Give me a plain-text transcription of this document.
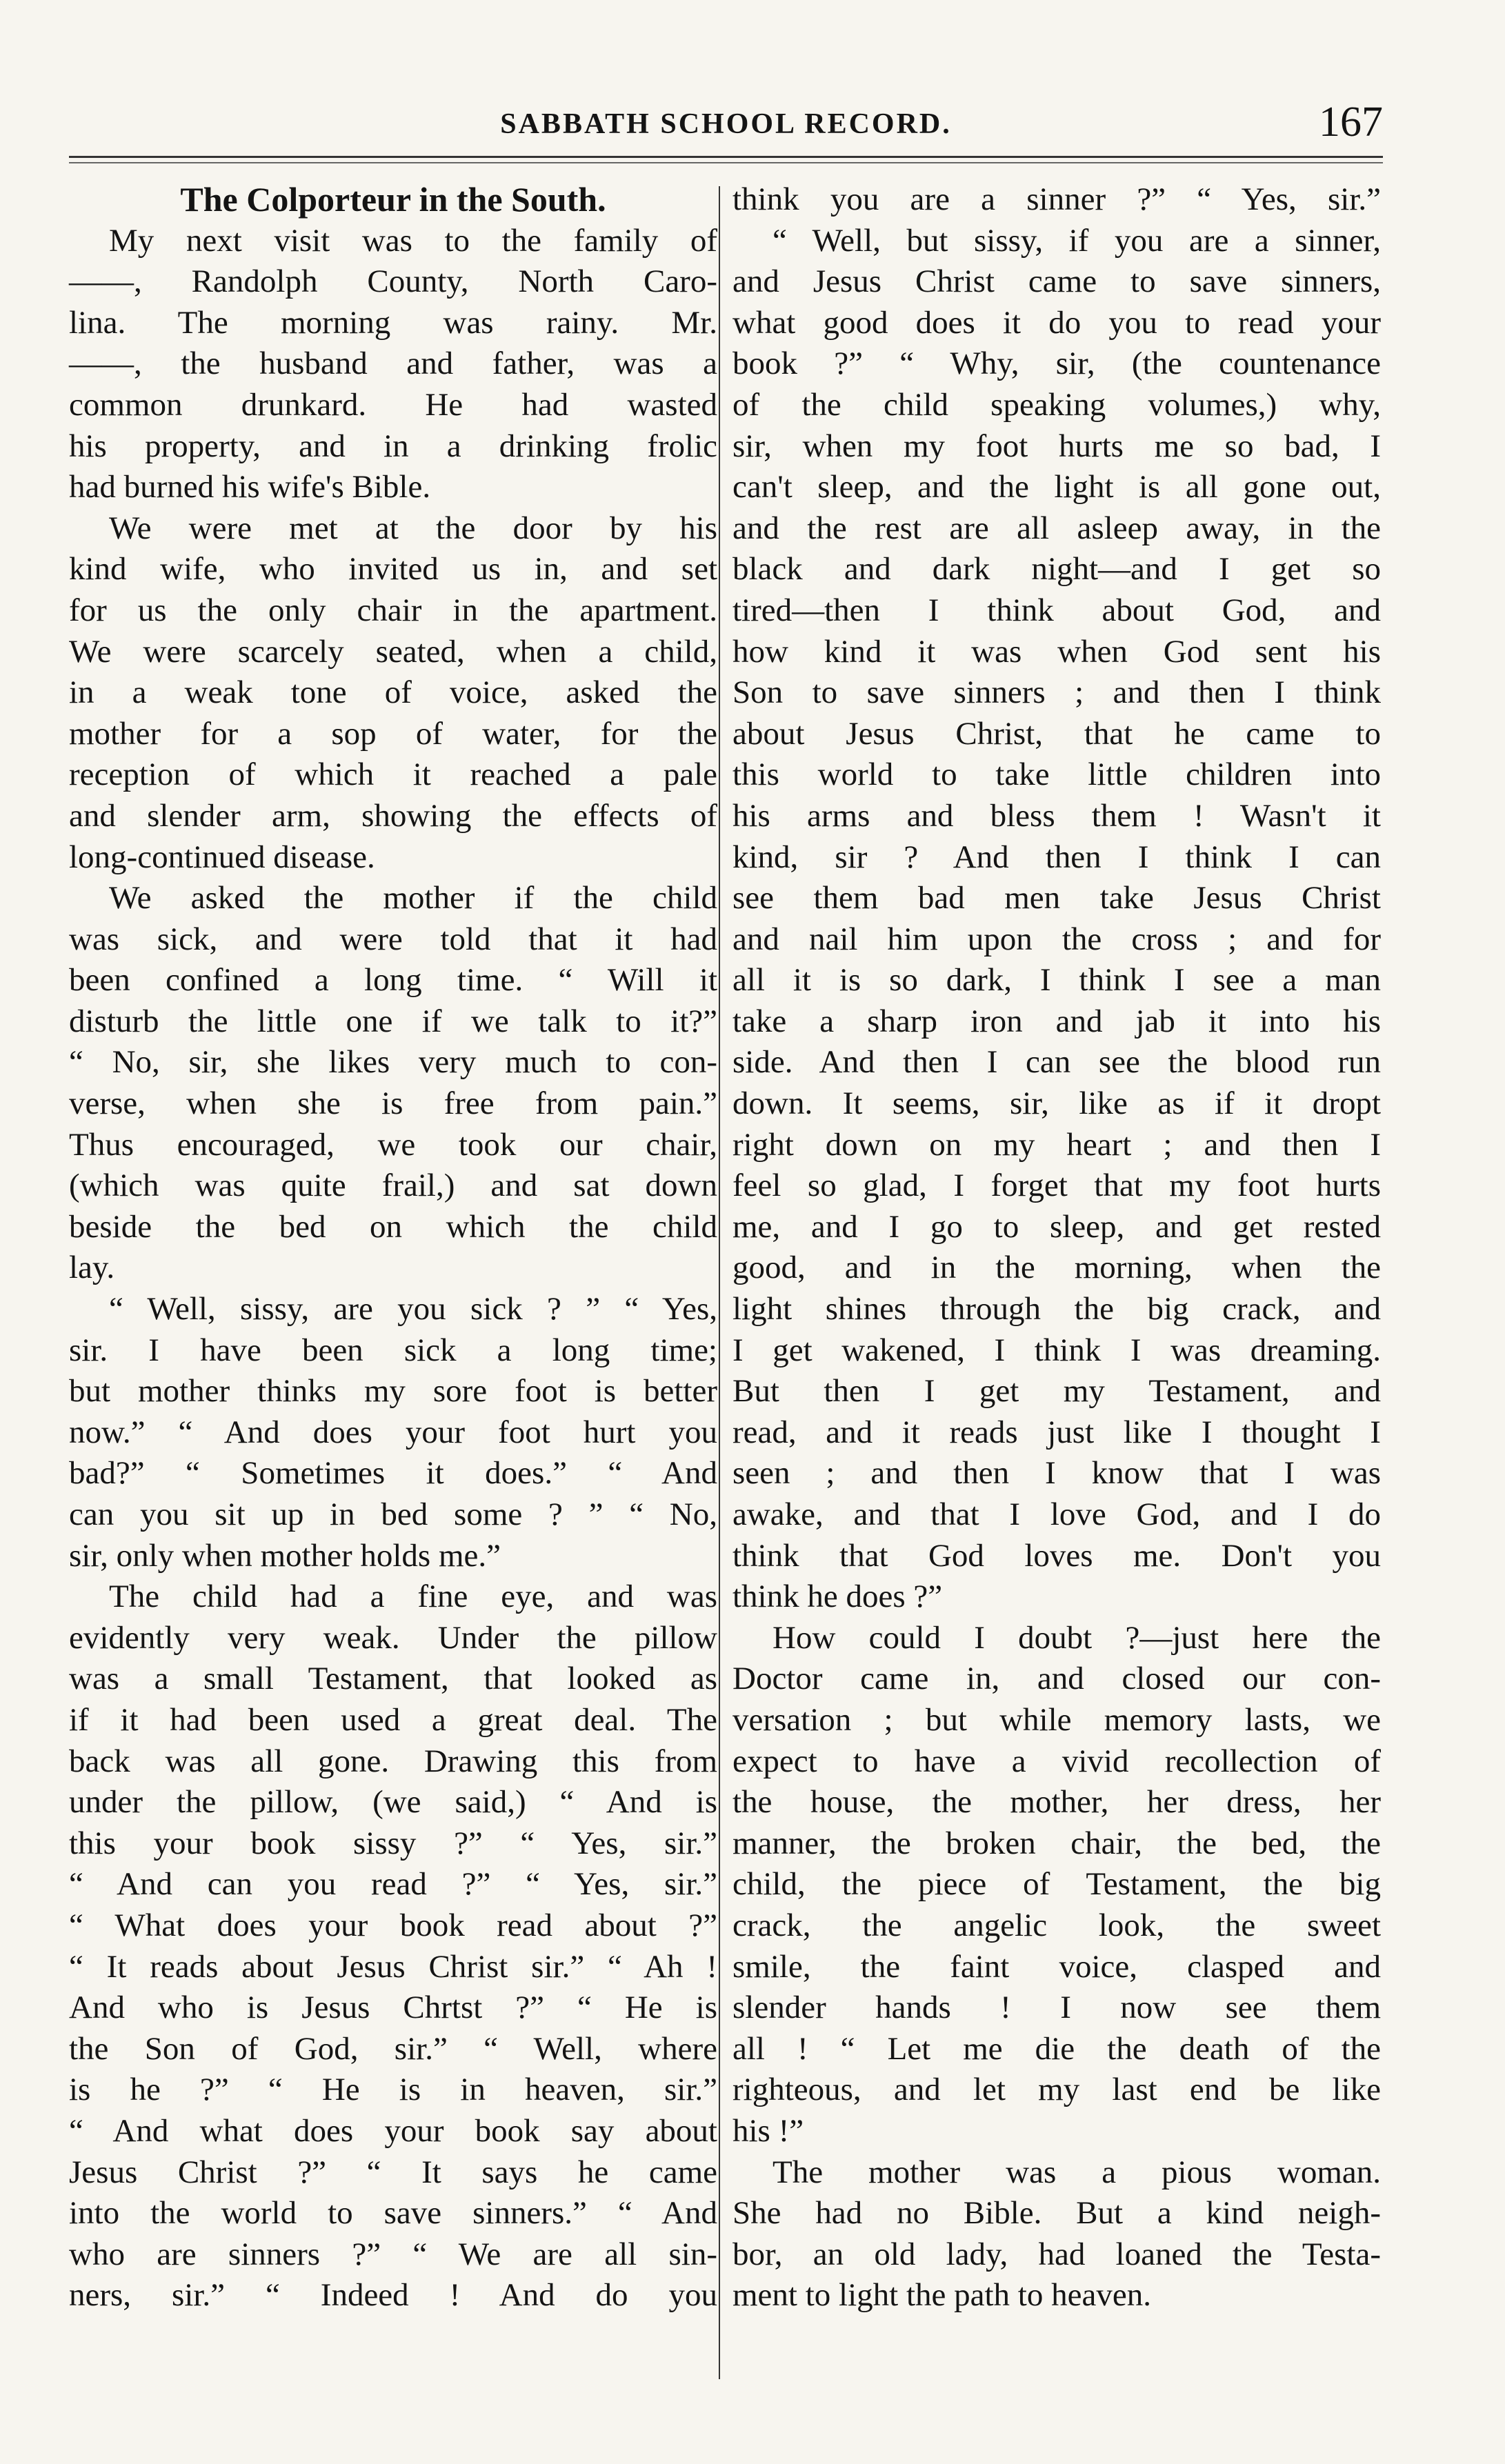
SABBATH SCHOOL RECORD.	167
The Colporteur in the South.
My next visit was to the family of
——, Randolph County, North Caro-
lina. The morning was rainy. Mr.
——, the husband and father, was a
common drunkard. He had wasted
his property, and in a drinking frolic
had burned his wife's Bible.
We were met at the door by his
kind wife, who invited us in, and set
for us the only chair in the apartment.
We were scarcely seated, when a child,
in a weak tone of voice, asked the
mother for a sop of water, for the
reception of which it reached a pale
and slender arm, showing the effects of
long-continued disease.
We asked the mother if the child
was sick, and were told that it had
been confined a long time. “ Will it
disturb the little one if we talk to it?”
“ No, sir, she likes very much to con-
verse, when she is free from pain.”
Thus encouraged, we took our chair,
(which was quite frail,) and sat down
beside the bed on which the child
lay.
“ Well, sissy, are you sick ? ” “ Yes,
sir. I have been sick a long time;
but mother thinks my sore foot is better
now.” “ And does your foot hurt you
bad?” “ Sometimes it does.” “ And
can you sit up in bed some ? ” “ No,
sir, only when mother holds me.”
The child had a fine eye, and was
evidently very weak. Under the pillow
was a small Testament, that looked as
if it had been used a great deal. The
back was all gone. Drawing this from
under the pillow, (we said,) “ And is
this your book sissy ?” “ Yes, sir.”
“ And can you read ?” “ Yes, sir.”
“ What does your book read about ?”
“ It reads about Jesus Christ sir.” “ Ah !
And who is Jesus Chrtst ?” “ He is
the Son of God, sir.” “ Well, where
is he ?” “ He is in heaven, sir.”
“ And what does your book say about
Jesus Christ ?” “ It says he came
into the world to save sinners.” “ And
who are sinners ?” “ We are all sin-
ners, sir.” “ Indeed ! And do you
think you are a sinner ?” “ Yes, sir.”
“ Well, but sissy, if you are a sinner,
and Jesus Christ came to save sinners,
what good does it do you to read your
book ?” “ Why, sir, (the countenance
of the child speaking volumes,) why,
sir, when my foot hurts me so bad, I
can't sleep, and the light is all gone out,
and the rest are all asleep away, in the
black and dark night—and I get so
tired—then I think about God, and
how kind it was when God sent his
Son to save sinners ; and then I think
about Jesus Christ, that he came to
this world to take little children into
his arms and bless them ! Wasn't it
kind, sir ? And then I think I can
see them bad men take Jesus Christ
and nail him upon the cross ; and for
all it is so dark, I think I see a man
take a sharp iron and jab it into his
side. And then I can see the blood run
down. It seems, sir, like as if it dropt
right down on my heart ; and then I
feel so glad, I forget that my foot hurts
me, and I go to sleep, and get rested
good, and in the morning, when the
light shines through the big crack, and
I get wakened, I think I was dreaming.
But then I get my Testament, and
read, and it reads just like I thought I
seen ; and then I know that I was
awake, and that I love God, and I do
think that God loves me. Don't you
think he does ?”
How could I doubt ?—just here the
Doctor came in, and closed our con-
versation ; but while memory lasts, we
expect to have a vivid recollection of
the house, the mother, her dress, her
manner, the broken chair, the bed, the
child, the piece of Testament, the big
crack, the angelic look, the sweet
smile, the faint voice, clasped and
slender hands ! I now see them
all ! “ Let me die the death of the
righteous, and let my last end be like
his !”
The mother was a pious woman.
She had no Bible. But a kind neigh-
bor, an old lady, had loaned the Testa-
ment to light the path to heaven.
